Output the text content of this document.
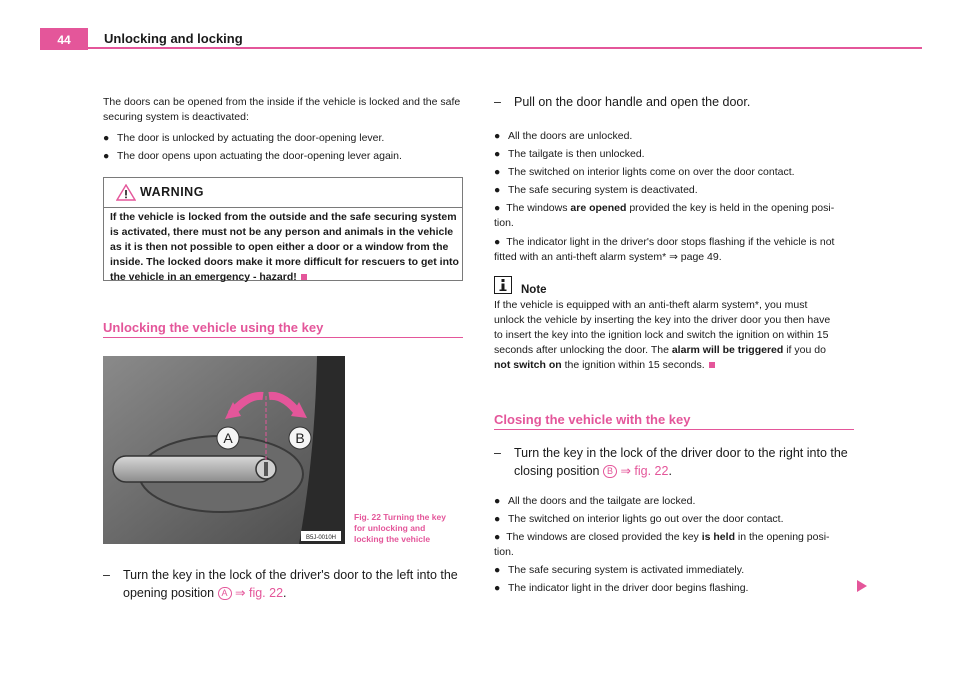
44	Unlocking and locking
The doors can be opened from the inside if the vehicle is locked and the safe securing system is deactivated:
● The door is unlocked by actuating the door-opening lever.
● The door opens upon actuating the door-opening lever again.
WARNING
If the vehicle is locked from the outside and the safe securing system is activated, there must not be any person and animals in the vehicle as it is then not possible to open either a door or a window from the inside. The locked doors make it more difficult for rescuers to get into the vehicle in an emergency - hazard!
Unlocking the vehicle using the key
A	B
B5J-0010H
Fig. 22 Turning the key
for unlocking and
locking the vehicle
– Turn the key in the lock of the driver's door to the left into the
opening position A ⇒ fig. 22.
– Pull on the door handle and open the door.
● All the doors are unlocked.
● The tailgate is then unlocked.
● The switched on interior lights come on over the door contact.
● The safe securing system is deactivated.
● The windows are opened provided the key is held in the opening posi-
tion.
● The indicator light in the driver's door stops flashing if the vehicle is not
fitted with an anti-theft alarm system* ⇒ page 49.
Note
If the vehicle is equipped with an anti-theft alarm system*, you must
unlock the vehicle by inserting the key into the driver door you then have
to insert the key into the ignition lock and switch the ignition on within 15
seconds after unlocking the door. The alarm will be triggered if you do
not switch on the ignition within 15 seconds.
Closing the vehicle with the key
– Turn the key in the lock of the driver door to the right into the
closing position B ⇒ fig. 22.
● All the doors and the tailgate are locked.
● The switched on interior lights go out over the door contact.
● The windows are closed provided the key is held in the opening posi-
tion.
● The safe securing system is activated immediately.
● The indicator light in the driver door begins flashing.
